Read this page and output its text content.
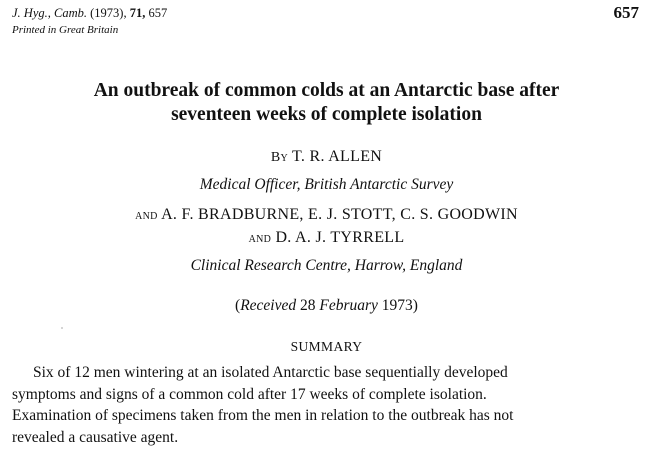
J. Hyg., Camb. (1973), 71, 657
Printed in Great Britain
657
An outbreak of common colds at an Antarctic base after
seventeen weeks of complete isolation
By T. R. ALLEN
Medical Officer, British Antarctic Survey
and A. F. BRADBURNE, E. J. STOTT, C. S. GOODWIN
and D. A. J. TYRRELL
Clinical Research Centre, Harrow, England
(Received 28 February 1973)
SUMMARY
Six of 12 men wintering at an isolated Antarctic base sequentially developed
symptoms and signs of a common cold after 17 weeks of complete isolation.
Examination of specimens taken from the men in relation to the outbreak has not
revealed a causative agent.
